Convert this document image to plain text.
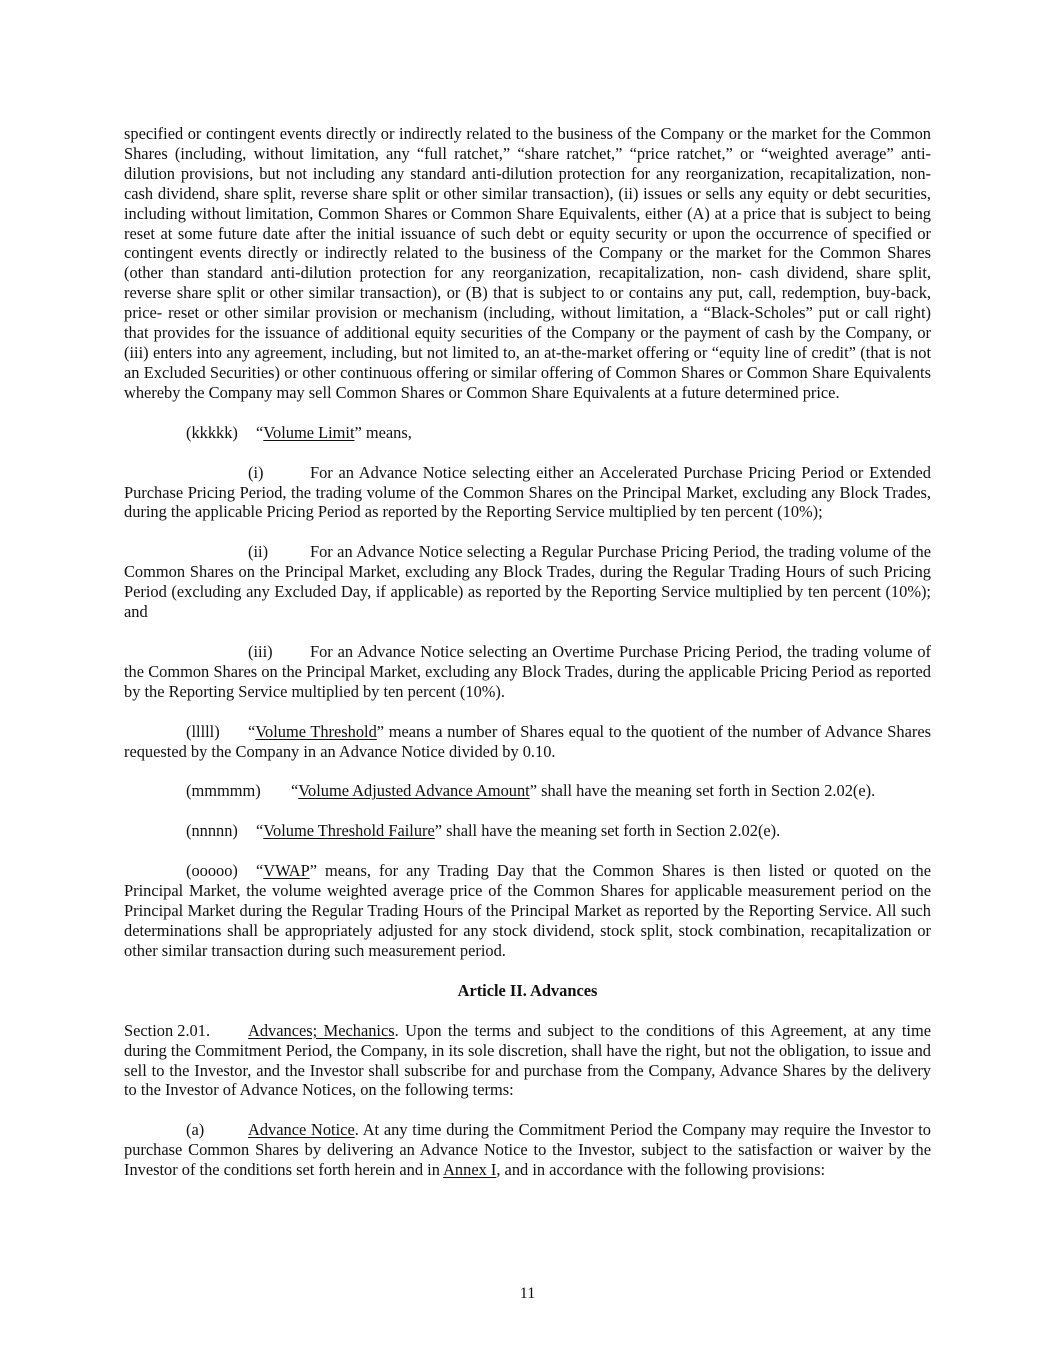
specified or contingent events directly or indirectly related to the business of the Company or the market for the Common Shares (including, without limitation, any “full ratchet,” “share ratchet,” “price ratchet,” or “weighted average” anti-dilution provisions, but not including any standard anti-dilution protection for any reorganization, recapitalization, non-cash dividend, share split, reverse share split or other similar transaction), (ii) issues or sells any equity or debt securities, including without limitation, Common Shares or Common Share Equivalents, either (A) at a price that is subject to being reset at some future date after the initial issuance of such debt or equity security or upon the occurrence of specified or contingent events directly or indirectly related to the business of the Company or the market for the Common Shares (other than standard anti-dilution protection for any reorganization, recapitalization, non- cash dividend, share split, reverse share split or other similar transaction), or (B) that is subject to or contains any put, call, redemption, buy-back, price- reset or other similar provision or mechanism (including, without limitation, a “Black-Scholes” put or call right) that provides for the issuance of additional equity securities of the Company or the payment of cash by the Company, or (iii) enters into any agreement, including, but not limited to, an at-the-market offering or “equity line of credit” (that is not an Excluded Securities) or other continuous offering or similar offering of Common Shares or Common Share Equivalents whereby the Company may sell Common Shares or Common Share Equivalents at a future determined price.

(kkkkk) “Volume Limit” means,

(i)	For an Advance Notice selecting either an Accelerated Purchase Pricing Period or Extended Purchase Pricing Period, the trading volume of the Common Shares on the Principal Market, excluding any Block Trades, during the applicable Pricing Period as reported by the Reporting Service multiplied by ten percent (10%);

(ii)	For an Advance Notice selecting a Regular Purchase Pricing Period, the trading volume of the Common Shares on the Principal Market, excluding any Block Trades, during the Regular Trading Hours of such Pricing Period (excluding any Excluded Day, if applicable) as reported by the Reporting Service multiplied by ten percent (10%); and

(iii) For an Advance Notice selecting an Overtime Purchase Pricing Period, the trading volume of the Common Shares on the Principal Market, excluding any Block Trades, during the applicable Pricing Period as reported by the Reporting Service multiplied by ten percent (10%).

(lllll) “Volume Threshold” means a number of Shares equal to the quotient of the number of Advance Shares requested by the Company in an Advance Notice divided by 0.10.

(mmmmm) “Volume Adjusted Advance Amount” shall have the meaning set forth in Section 2.02(e).

(nnnnn) “Volume Threshold Failure” shall have the meaning set forth in Section 2.02(e).

(ooooo) “VWAP” means, for any Trading Day that the Common Shares is then listed or quoted on the Principal Market, the volume weighted average price of the Common Shares for applicable measurement period on the Principal Market during the Regular Trading Hours of the Principal Market as reported by the Reporting Service. All such determinations shall be appropriately adjusted for any stock dividend, stock split, stock combination, recapitalization or other similar transaction during such measurement period.

Article II. Advances

Section 2.01. Advances; Mechanics. Upon the terms and subject to the conditions of this Agreement, at any time during the Commitment Period, the Company, in its sole discretion, shall have the right, but not the obligation, to issue and sell to the Investor, and the Investor shall subscribe for and purchase from the Company, Advance Shares by the delivery to the Investor of Advance Notices, on the following terms:

(a)	Advance Notice. At any time during the Commitment Period the Company may require the Investor to purchase Common Shares by delivering an Advance Notice to the Investor, subject to the satisfaction or waiver by the Investor of the conditions set forth herein and in Annex I, and in accordance with the following provisions:

11
